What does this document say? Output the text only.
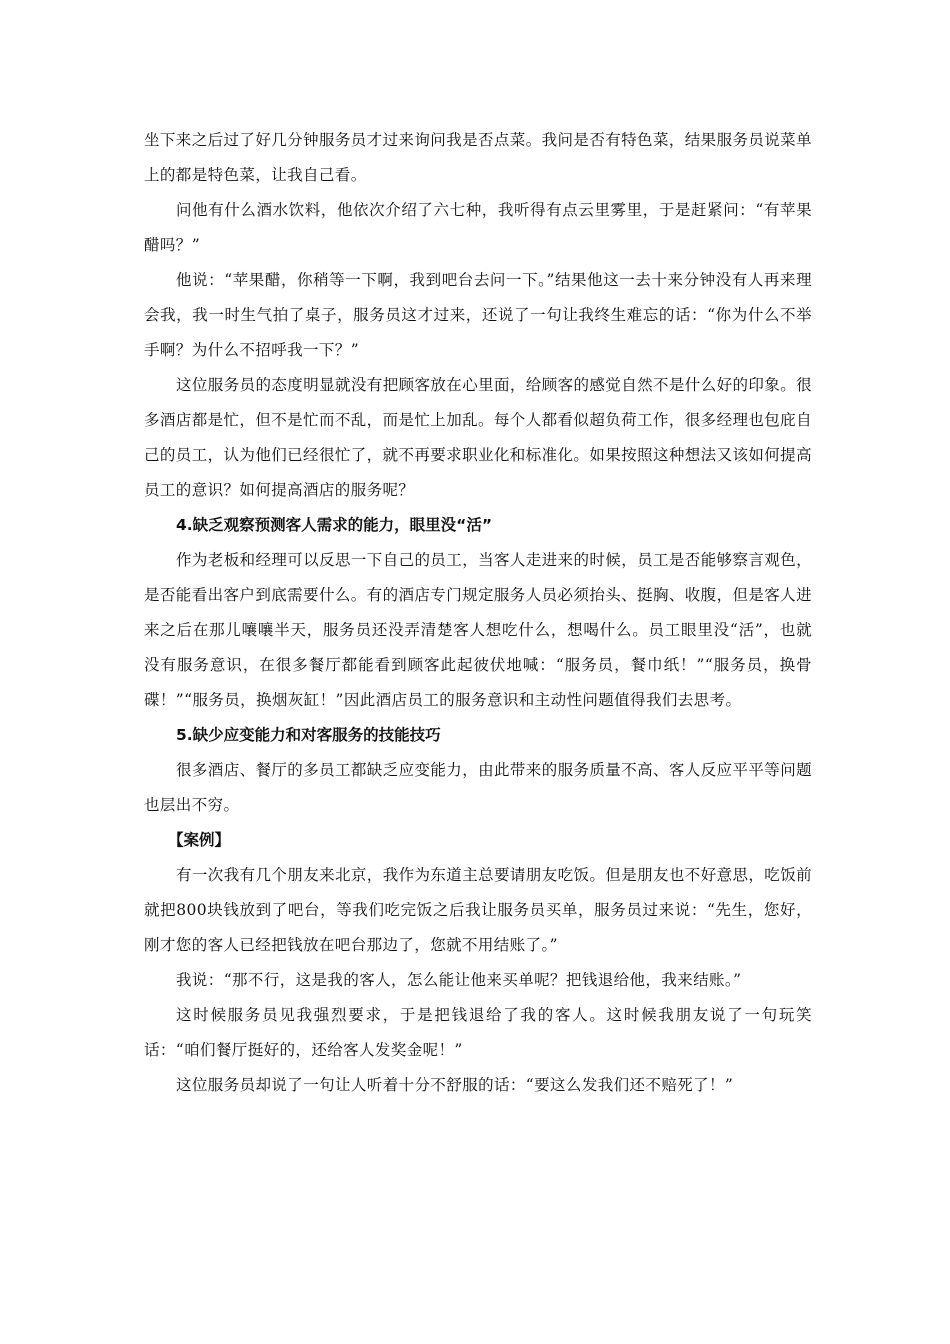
坐下来之后过了好几分钟服务员才过来询问我是否点菜。我问是否有特色菜，结果服务员说菜单上的都是特色菜，让我自己看。

问他有什么酒水饮料，他依次介绍了六七种，我听得有点云里雾里，于是赶紧问：“有苹果醋吗？”

他说：“苹果醋，你稍等一下啊，我到吧台去问一下。”结果他这一去十来分钟没有人再来理会我，我一时生气拍了桌子，服务员这才过来，还说了一句让我终生难忘的话：“你为什么不举手啊？为什么不招呼我一下？”

这位服务员的态度明显就没有把顾客放在心里面，给顾客的感觉自然不是什么好的印象。很多酒店都是忙，但不是忙而不乱，而是忙上加乱。每个人都看似超负荷工作，很多经理也包庇自己的员工，认为他们已经很忙了，就不再要求职业化和标准化。如果按照这种想法又该如何提高员工的意识？如何提高酒店的服务呢？

4.缺乏观察预测客人需求的能力，眼里没“活”

作为老板和经理可以反思一下自己的员工，当客人走进来的时候，员工是否能够察言观色，是否能看出客户到底需要什么。有的酒店专门规定服务人员必须抬头、挺胸、收腹，但是客人进来之后在那儿嚷嚷半天，服务员还没弄清楚客人想吃什么，想喝什么。员工眼里没“活”，也就没有服务意识，在很多餐厅都能看到顾客此起彼伏地喊：“服务员，餐巾纸！”“服务员，换骨碟！”“服务员，换烟灰缸！”因此酒店员工的服务意识和主动性问题值得我们去思考。

5.缺少应变能力和对客服务的技能技巧

很多酒店、餐厅的多员工都缺乏应变能力，由此带来的服务质量不高、客人反应平平等问题也层出不穷。

【案例】

有一次我有几个朋友来北京，我作为东道主总要请朋友吃饭。但是朋友也不好意思，吃饭前就把800块钱放到了吧台，等我们吃完饭之后我让服务员买单，服务员过来说：“先生，您好，刚才您的客人已经把钱放在吧台那边了，您就不用结账了。”

我说：“那不行，这是我的客人，怎么能让他来买单呢？把钱退给他，我来结账。”

这时候服务员见我强烈要求，于是把钱退给了我的客人。这时候我朋友说了一句玩笑话：“咱们餐厅挺好的，还给客人发奖金呢！”

这位服务员却说了一句让人听着十分不舒服的话：“要这么发我们还不赔死了！”
